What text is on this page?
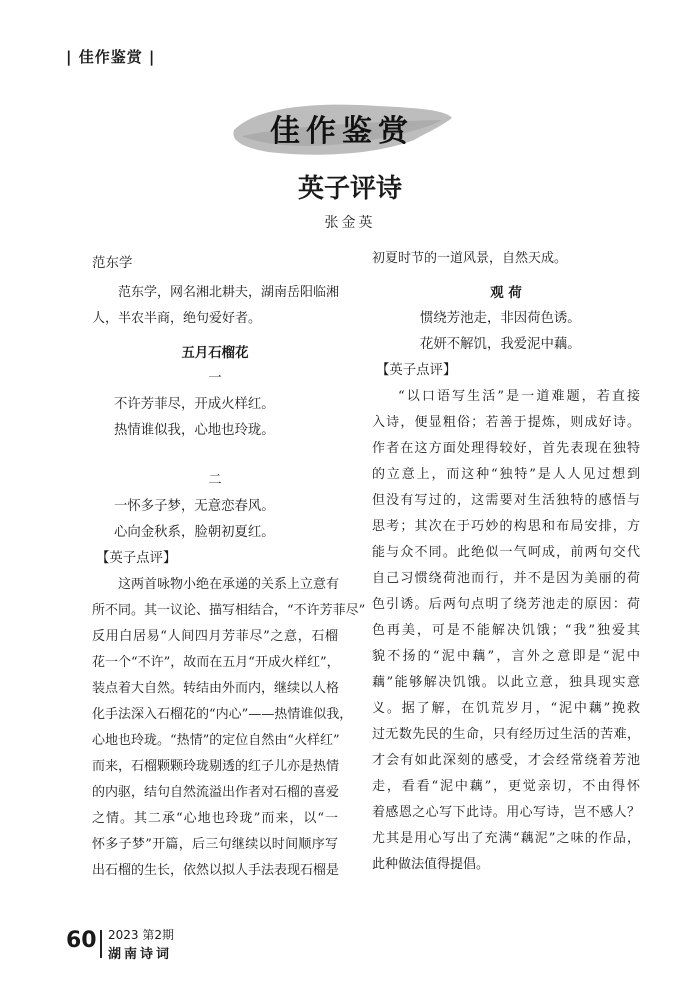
| 佳作鉴赏 |
佳作鉴赏
英子评诗
张金英
范东学
范东学，网名湘北耕夫，湖南岳阳临湘
人，半农半商，绝句爱好者。
五月石榴花
一
不许芳菲尽，开成火样红。
热情谁似我，心地也玲珑。
二
一怀多子梦，无意恋春风。
心向金秋系，脸朝初夏红。
【英子点评】
这两首咏物小绝在承递的关系上立意有
所不同。其一议论、描写相结合，“不许芳菲尽”
反用白居易“人间四月芳菲尽”之意，石榴
花一个“不许”，故而在五月“开成火样红”，
装点着大自然。转结由外而内，继续以人格
化手法深入石榴花的“内心”——热情谁似我，
心地也玲珑。“热情”的定位自然由“火样红”
而来，石榴颗颗玲珑剔透的红子儿亦是热情
的内驱，结句自然流溢出作者对石榴的喜爱
之情。其二承“心地也玲珑”而来，以“一
怀多子梦”开篇，后三句继续以时间顺序写
出石榴的生长，依然以拟人手法表现石榴是
初夏时节的一道风景，自然天成。
观 荷
惯绕芳池走，非因荷色诱。
花妍不解饥，我爱泥中藕。
【英子点评】
“以口语写生活”是一道难题，若直接
入诗，便显粗俗；若善于提炼，则成好诗。
作者在这方面处理得较好，首先表现在独特
的立意上，而这种“独特”是人人见过想到
但没有写过的，这需要对生活独特的感悟与
思考；其次在于巧妙的构思和布局安排，方
能与众不同。此绝似一气呵成，前两句交代
自己习惯绕荷池而行，并不是因为美丽的荷
色引诱。后两句点明了绕芳池走的原因：荷
色再美，可是不能解决饥饿；“我”独爱其
貌不扬的“泥中藕”，言外之意即是“泥中
藕”能够解决饥饿。以此立意，独具现实意
义。据了解，在饥荒岁月，“泥中藕”挽救
过无数先民的生命，只有经历过生活的苦难，
才会有如此深刻的感受，才会经常绕着芳池
走，看看“泥中藕”，更觉亲切，不由得怀
着感恩之心写下此诗。用心写诗，岂不感人？
尤其是用心写出了充满“藕泥”之味的作品，
此种做法值得提倡。
60 2023 第2期
湖南诗词
